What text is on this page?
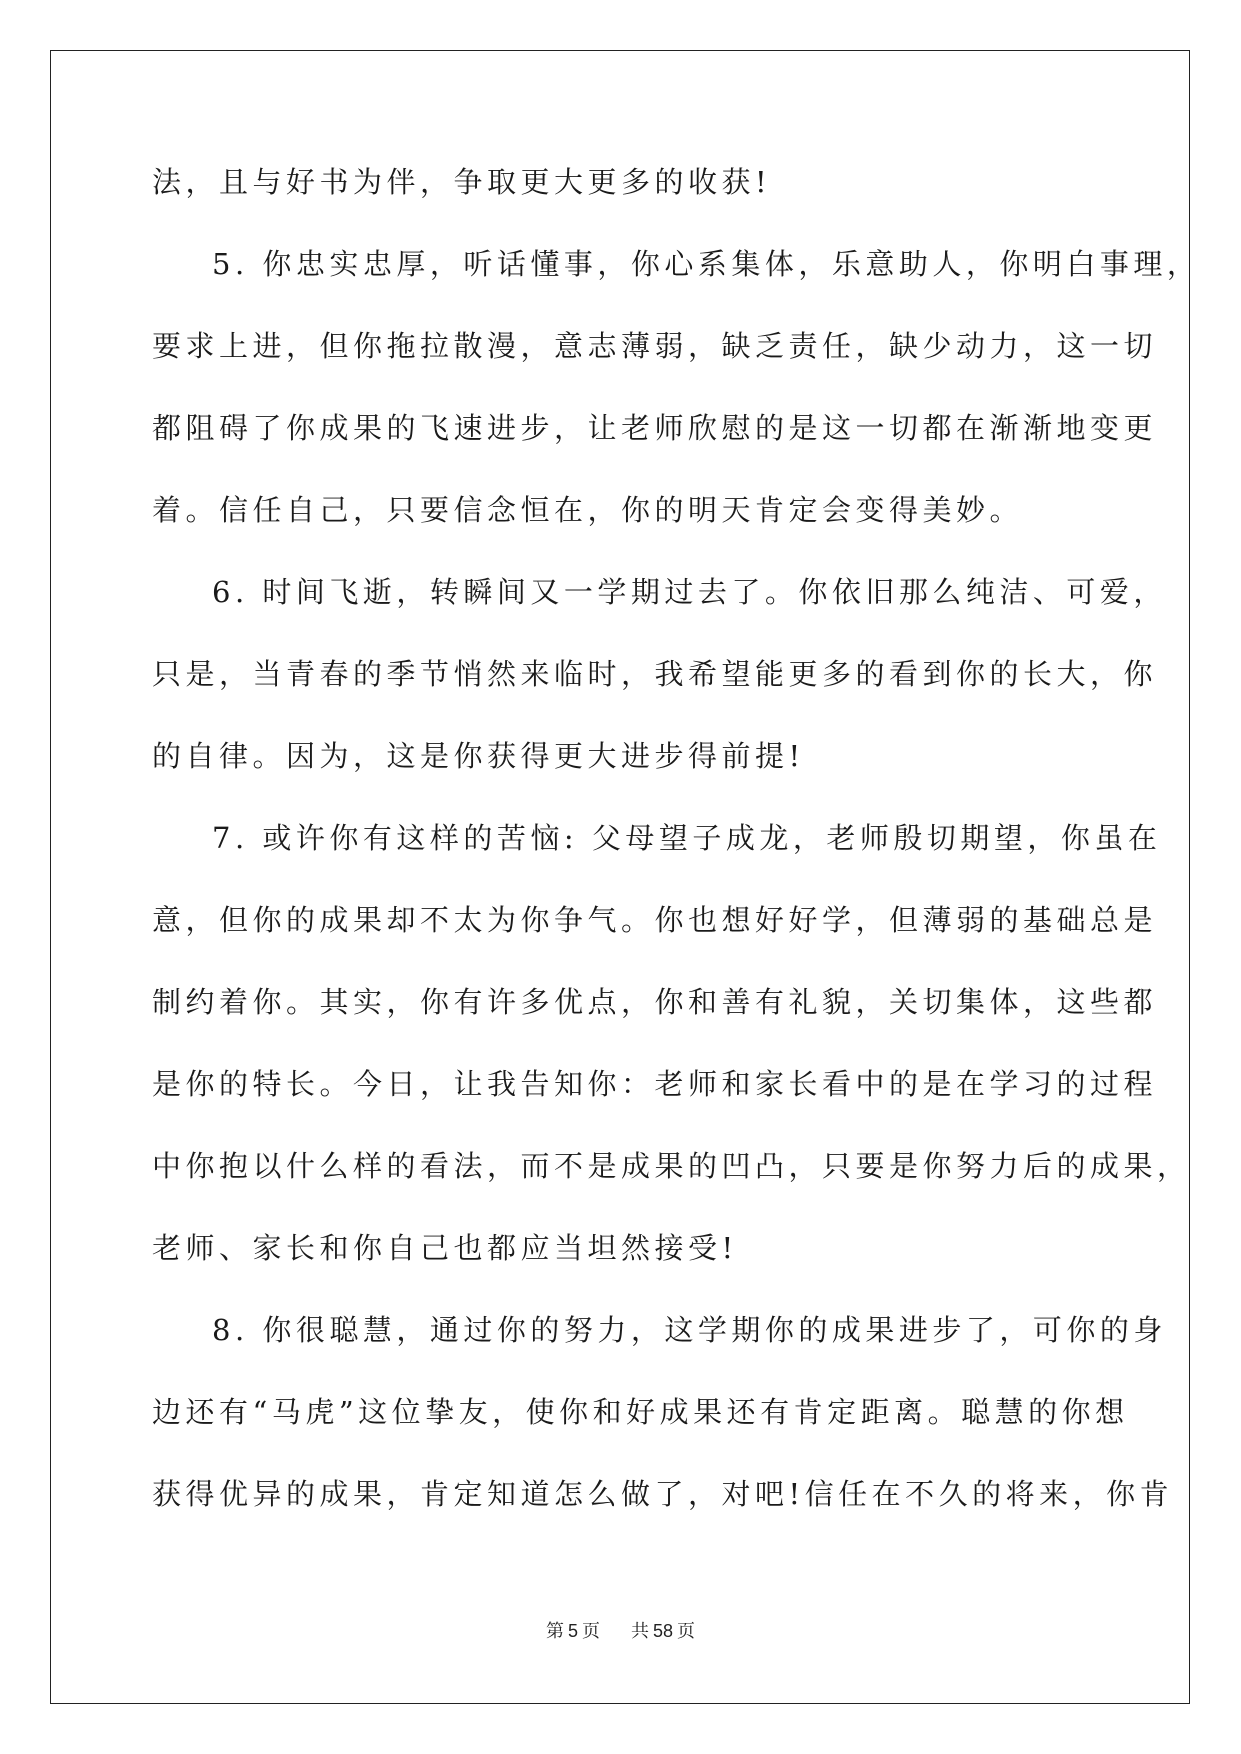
法，且与好书为伴，争取更大更多的收获!
5. 你忠实忠厚，听话懂事，你心系集体，乐意助人，你明白事理，
要求上进，但你拖拉散漫，意志薄弱，缺乏责任，缺少动力，这一切
都阻碍了你成果的飞速进步，让老师欣慰的是这一切都在渐渐地变更
着。信任自己，只要信念恒在，你的明天肯定会变得美妙。
6. 时间飞逝，转瞬间又一学期过去了。你依旧那么纯洁、可爱，
只是，当青春的季节悄然来临时，我希望能更多的看到你的长大，你
的自律。因为，这是你获得更大进步得前提!
7. 或许你有这样的苦恼: 父母望子成龙，老师殷切期望，你虽在
意，但你的成果却不太为你争气。你也想好好学，但薄弱的基础总是
制约着你。其实，你有许多优点，你和善有礼貌，关切集体，这些都
是你的特长。今日，让我告知你：老师和家长看中的是在学习的过程
中你抱以什么样的看法，而不是成果的凹凸，只要是你努力后的成果，
老师、家长和你自己也都应当坦然接受!
8. 你很聪慧，通过你的努力，这学期你的成果进步了，可你的身
边还有“马虎”这位挚友，使你和好成果还有肯定距离。聪慧的你想
获得优异的成果，肯定知道怎么做了，对吧!信任在不久的将来，你肯
第 5 页 共 58 页
